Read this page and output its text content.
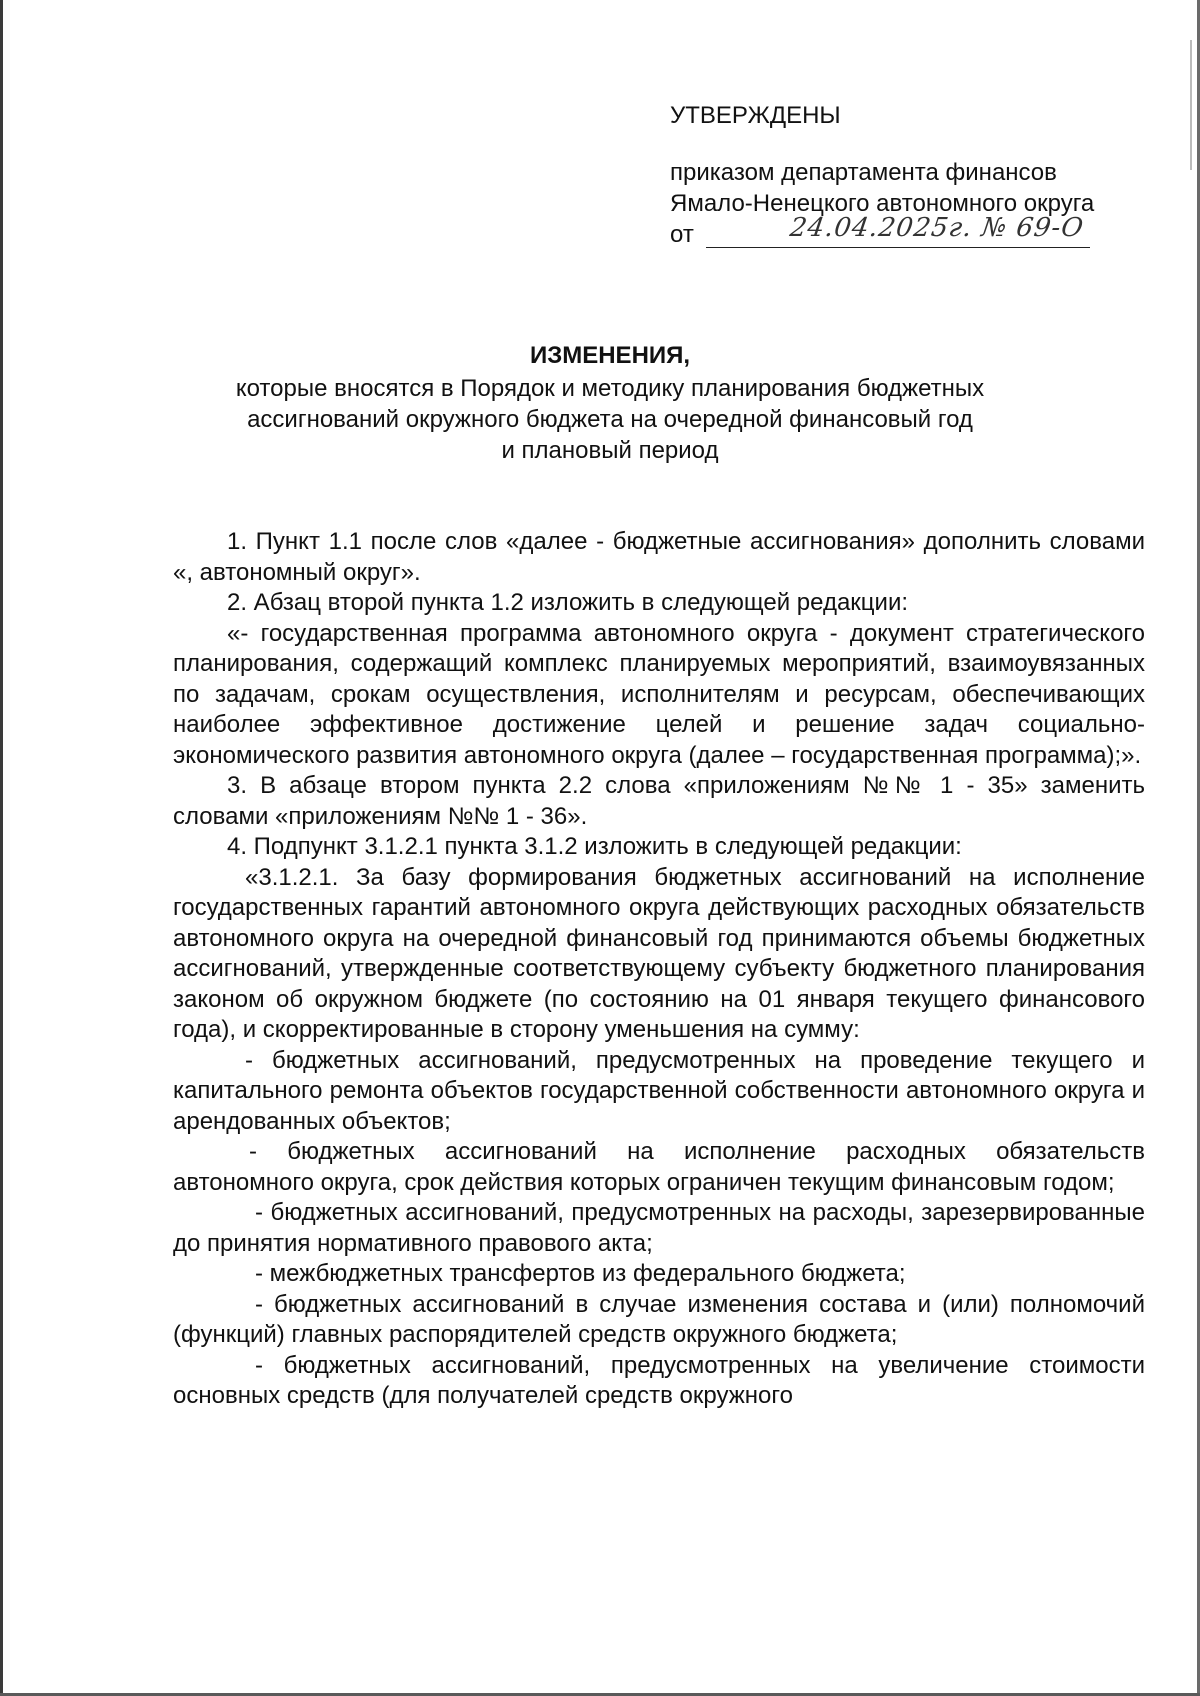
УТВЕРЖДЕНЫ

приказом департамента финансов Ямало-Ненецкого автономного округа

от	24.04.2025г. № 69-О

ИЗМЕНЕНИЯ,

которые вносятся в Порядок и методику планирования бюджетных

ассигнований окружного бюджета на очередной финансовый год

и плановый период

1. Пункт 1.1 после слов «далее - бюджетные ассигнования» дополнить словами «, автономный округ».

2. Абзац второй пункта 1.2 изложить в следующей редакции:

«- государственная программа автономного округа - документ стратегического планирования, содержащий комплекс планируемых мероприятий, взаимоувязанных по задачам, срокам осуществления, исполнителям и ресурсам, обеспечивающих наиболее эффективное достижение целей и решение задач социально-экономического развития автономного округа (далее – государственная программа);».

3. В абзаце втором пункта 2.2 слова «приложениям №№ 1 - 35» заменить словами «приложениям №№ 1 - 36».

4. Подпункт 3.1.2.1 пункта 3.1.2 изложить в следующей редакции:

«3.1.2.1. За базу формирования бюджетных ассигнований на исполнение государственных гарантий автономного округа действующих расходных обязательств автономного округа на очередной финансовый год принимаются объемы бюджетных ассигнований, утвержденные соответствующему субъекту бюджетного планирования законом об окружном бюджете (по состоянию на 01 января текущего финансового года), и скорректированные в сторону уменьшения на сумму:

- бюджетных ассигнований, предусмотренных на проведение текущего и капитального ремонта объектов государственной собственности автономного округа и арендованных объектов;

- бюджетных ассигнований на исполнение расходных обязательств автономного округа, срок действия которых ограничен текущим финансовым годом;

- бюджетных ассигнований, предусмотренных на расходы, зарезервированные до принятия нормативного правового акта;

- межбюджетных трансфертов из федерального бюджета;

- бюджетных ассигнований в случае изменения состава и (или) полномочий (функций) главных распорядителей средств окружного бюджета;

- бюджетных ассигнований, предусмотренных на увеличение стоимости основных средств (для получателей средств окружного
